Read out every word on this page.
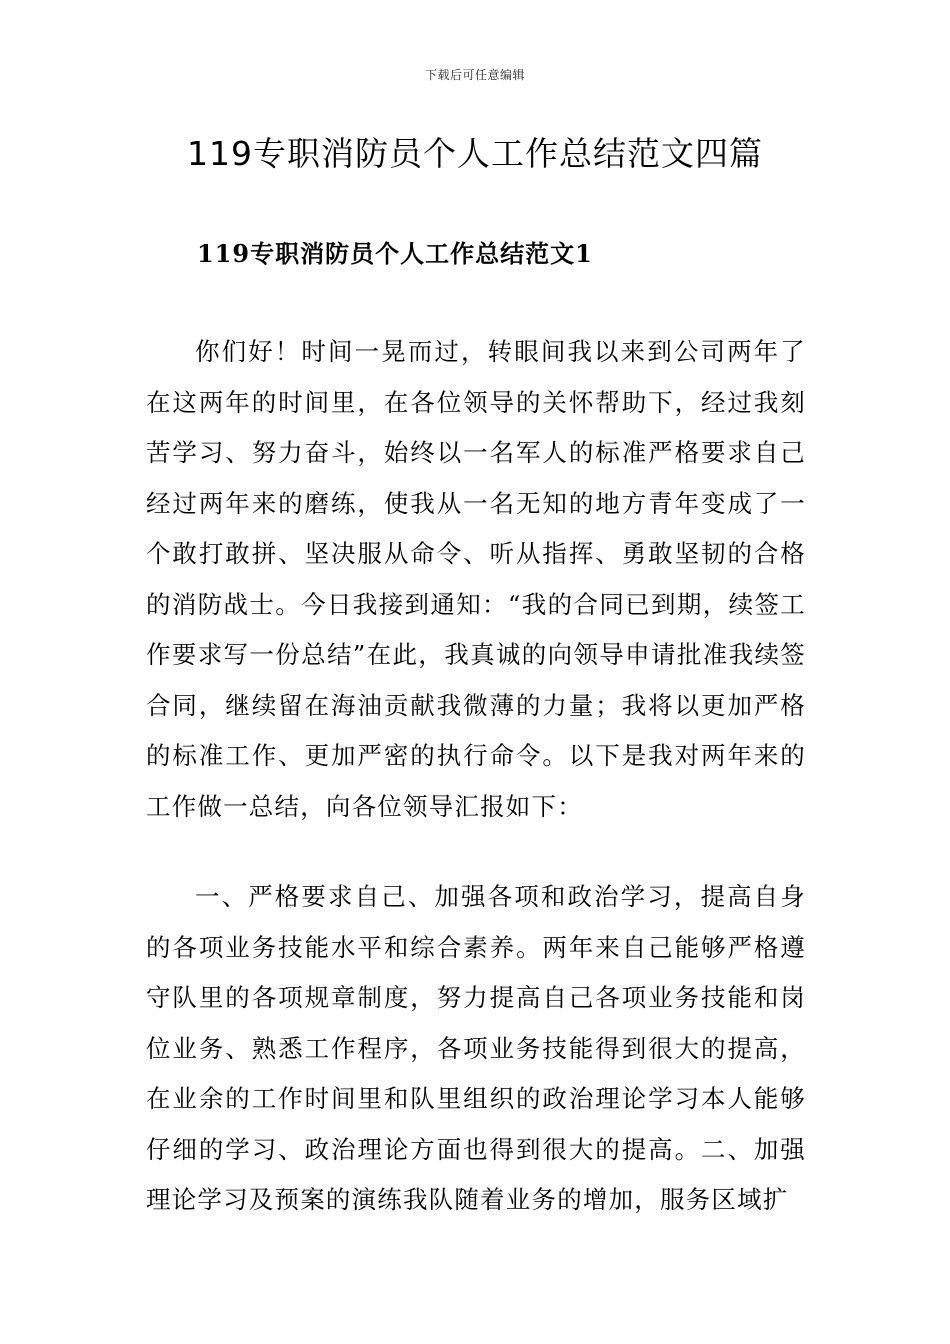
下载后可任意编辑
119专职消防员个人工作总结范文四篇
119专职消防员个人工作总结范文1

你们好！时间一晃而过，转眼间我以来到公司两年了在这两年的时间里，在各位领导的关怀帮助下，经过我刻苦学习、努力奋斗，始终以一名军人的标准严格要求自己经过两年来的磨练，使我从一名无知的地方青年变成了一个敢打敢拼、坚决服从命令、听从指挥、勇敢坚韧的合格的消防战士。今日我接到通知：“我的合同已到期，续签工作要求写一份总结”在此，我真诚的向领导申请批准我续签合同，继续留在海油贡献我微薄的力量；我将以更加严格的标准工作、更加严密的执行命令。以下是我对两年来的工作做一总结，向各位领导汇报如下：

一、严格要求自己、加强各项和政治学习，提高自身的各项业务技能水平和综合素养。两年来自己能够严格遵守队里的各项规章制度，努力提高自己各项业务技能和岗位业务、熟悉工作程序，各项业务技能得到很大的提高，在业余的工作时间里和队里组织的政治理论学习本人能够仔细的学习、政治理论方面也得到很大的提高。二、加强理论学习及预案的演练我队随着业务的增加，服务区域扩
